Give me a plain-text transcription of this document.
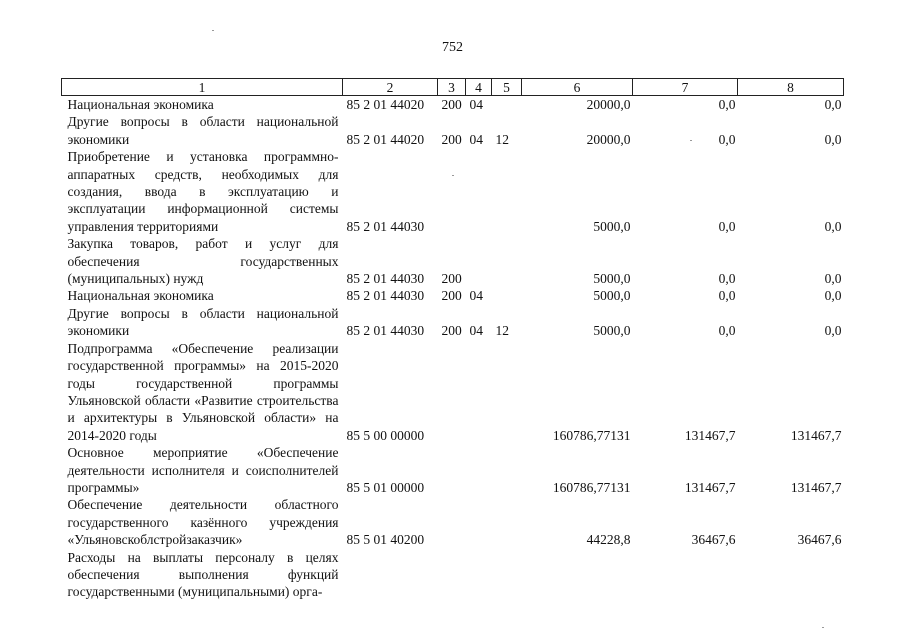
752
1	2	3	4	5	6	7	8
Национальная экономика	85 2 01 44020	200	04		20000,0	0,0	0,0
Другие вопросы в области национальной экономики	85 2 01 44020	200	04	12	20000,0	0,0	0,0
Приобретение и установка программно-аппаратных средств, необходимых для создания, ввода в эксплуатацию и эксплуатации информационной системы управления территориями	85 2 01 44030				5000,0	0,0	0,0
Закупка товаров, работ и услуг для обеспечения государственных (муниципальных) нужд	85 2 01 44030	200			5000,0	0,0	0,0
Национальная экономика	85 2 01 44030	200	04		5000,0	0,0	0,0
Другие вопросы в области национальной экономики	85 2 01 44030	200	04	12	5000,0	0,0	0,0
Подпрограмма «Обеспечение реализации государственной программы» на 2015-2020 годы государственной программы Ульяновской области «Развитие строительства и архитектуры в Ульяновской области» на 2014-2020 годы	85 5 00 00000				160786,77131	131467,7	131467,7
Основное мероприятие «Обеспечение деятельности исполнителя и соисполнителей программы»	85 5 01 00000				160786,77131	131467,7	131467,7
Обеспечение деятельности областного государственного казённого учреждения «Ульяновскоблстройзаказчик»	85 5 01 40200				44228,8	36467,6	36467,6
Расходы на выплаты персоналу в целях обеспечения выполнения функций государственными (муниципальными) орга-							
